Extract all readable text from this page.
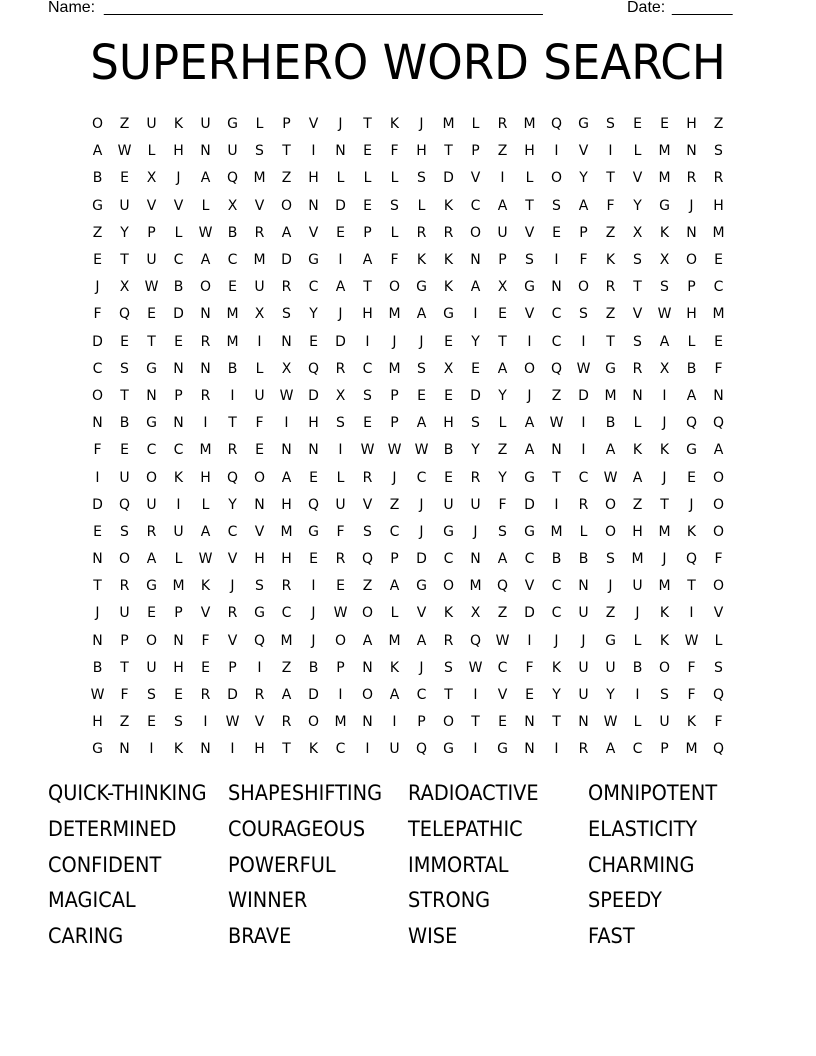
Name: ___________________________________________________	Date: _______
SUPERHERO WORD SEARCH
O	Z	U	K	U	G	L	P	V	J	T	K	J	M	L	R	M	Q	G	S	E	E	H	Z
A	W	L	H	N	U	S	T	I	N	E	F	H	T	P	Z	H	I	V	I	L	M	N	S
B	E	X	J	A	Q	M	Z	H	L	L	L	S	D	V	I	L	O	Y	T	V	M	R	R
G	U	V	V	L	X	V	O	N	D	E	S	L	K	C	A	T	S	A	F	Y	G	J	H
Z	Y	P	L	W	B	R	A	V	E	P	L	R	R	O	U	V	E	P	Z	X	K	N	M
E	T	U	C	A	C	M	D	G	I	A	F	K	K	N	P	S	I	F	K	S	X	O	E
J	X	W	B	O	E	U	R	C	A	T	O	G	K	A	X	G	N	O	R	T	S	P	C
F	Q	E	D	N	M	X	S	Y	J	H	M	A	G	I	E	V	C	S	Z	V	W	H	M
D	E	T	E	R	M	I	N	E	D	I	J	J	E	Y	T	I	C	I	T	S	A	L	E
C	S	G	N	N	B	L	X	Q	R	C	M	S	X	E	A	O	Q	W	G	R	X	B	F
O	T	N	P	R	I	U	W	D	X	S	P	E	E	D	Y	J	Z	D	M	N	I	A	N
N	B	G	N	I	T	F	I	H	S	E	P	A	H	S	L	A	W	I	B	L	J	Q	Q
F	E	C	C	M	R	E	N	N	I	W W W	B	Y	Z	A	N	I	A	K	K	G	A
I	U	O	K	H	Q	O	A	E	L	R	J	C	E	R	Y	G	T	C	W	A	J	E	O
D	Q	U	I	L	Y	N	H	Q	U	V	Z	J	U	U	F	D	I	R	O	Z	T	J	O
E	S	R	U	A	C	V	M	G	F	S	C	J	G	J	S	G	M	L	O	H	M	K	O
N	O	A	L	W	V	H	H	E	R	Q	P	D	C	N	A	C	B	B	S	M	J	Q	F
T	R	G	M	K	J	S	R	I	E	Z	A	G	O	M	Q	V	C	N	J	U	M	T	O
J	U	E	P	V	R	G	C	J	W	O	L	V	K	X	Z	D	C	U	Z	J	K	I	V
N	P	O	N	F	V	Q	M	J	O	A	M	A	R	Q	W	I	J	J	G	L	K	W	L
B	T	U	H	E	P	I	Z	B	P	N	K	J	S	W	C	F	K	U	U	B	O	F	S
W	F	S	E	R	D	R	A	D	I	O	A	C	T	I	V	E	Y	U	Y	I	S	F	Q
H	Z	E	S	I	W	V	R	O	M	N	I	P	O	T	E	N	T	N	W	L	U	K	F
G	N	I	K	N	I	H	T	K	C	I	U	Q	G	I	G	N	I	R	A	C	P	M	Q
QUICK-THINKING	SHAPESHIFTING	RADIOACTIVE	OMNIPOTENT
DETERMINED	COURAGEOUS	TELEPATHIC	ELASTICITY
CONFIDENT	POWERFUL	IMMORTAL	CHARMING
MAGICAL	WINNER	STRONG	SPEEDY
CARING	BRAVE	WISE	FAST
